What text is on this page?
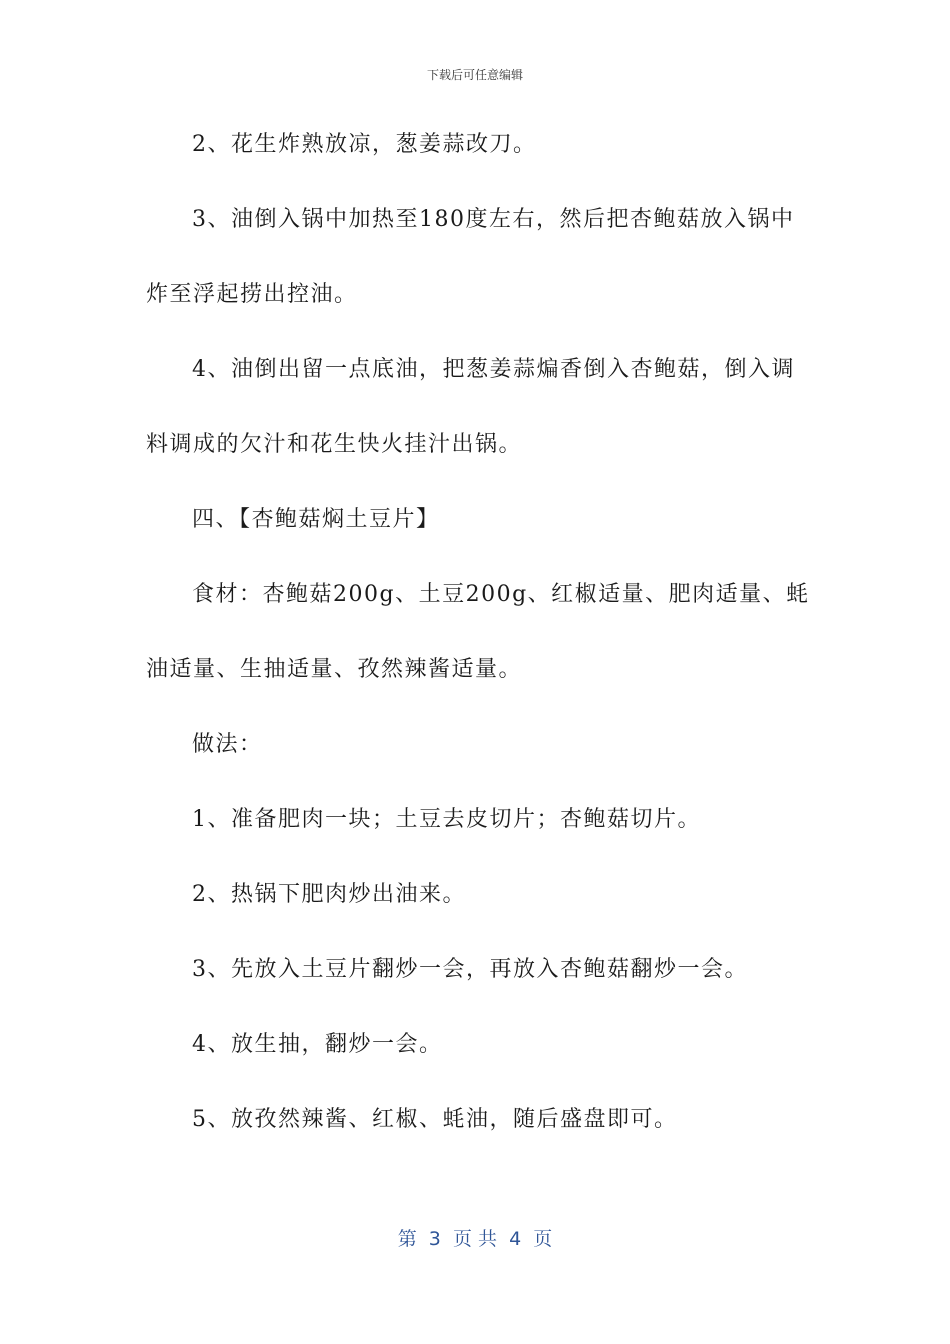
下载后可任意编辑
2、花生炸熟放凉，葱姜蒜改刀。
3、油倒入锅中加热至180度左右，然后把杏鲍菇放入锅中
炸至浮起捞出控油。
4、油倒出留一点底油，把葱姜蒜煸香倒入杏鲍菇，倒入调
料调成的欠汁和花生快火挂汁出锅。
四、【杏鲍菇焖土豆片】
食材：杏鲍菇200g、土豆200g、红椒适量、肥肉适量、蚝
油适量、生抽适量、孜然辣酱适量。
做法：
1、准备肥肉一块；土豆去皮切片；杏鲍菇切片。
2、热锅下肥肉炒出油来。
3、先放入土豆片翻炒一会，再放入杏鲍菇翻炒一会。
4、放生抽，翻炒一会。
5、放孜然辣酱、红椒、蚝油，随后盛盘即可。
第  3  页 共  4  页
